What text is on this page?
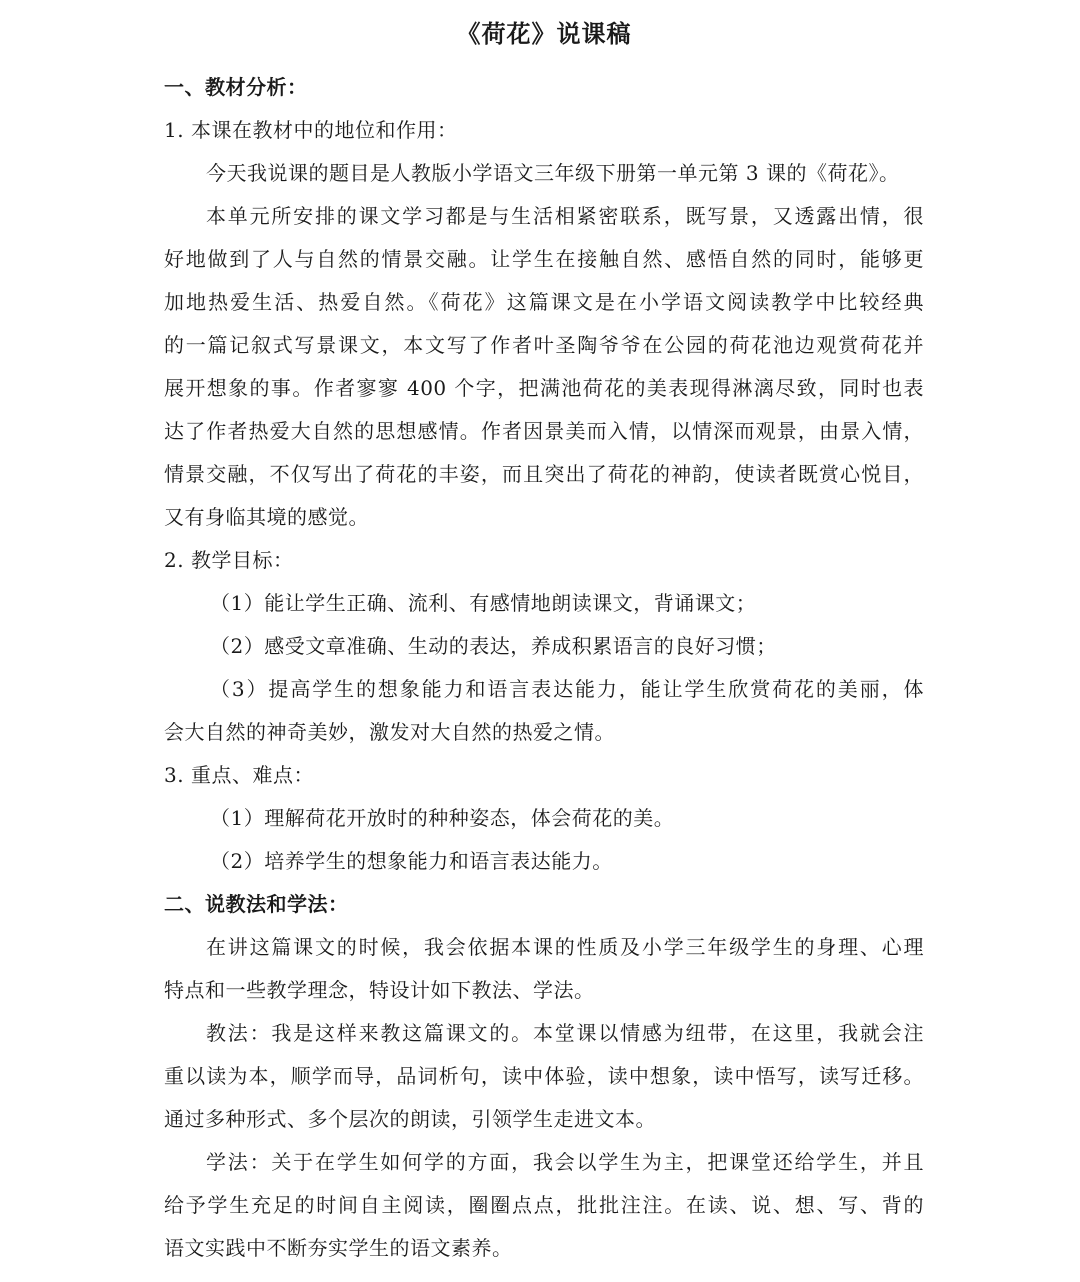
《荷花》说课稿
一、教材分析：
1. 本课在教材中的地位和作用：
今天我说课的题目是人教版小学语文三年级下册第一单元第 3 课的《荷花》。
本单元所安排的课文学习都是与生活相紧密联系，既写景，又透露出情，很
好地做到了人与自然的情景交融。让学生在接触自然、感悟自然的同时，能够更
加地热爱生活、热爱自然。《荷花》这篇课文是在小学语文阅读教学中比较经典
的一篇记叙式写景课文，本文写了作者叶圣陶爷爷在公园的荷花池边观赏荷花并
展开想象的事。作者寥寥 400 个字，把满池荷花的美表现得淋漓尽致，同时也表
达了作者热爱大自然的思想感情。作者因景美而入情，以情深而观景，由景入情，
情景交融，不仅写出了荷花的丰姿，而且突出了荷花的神韵，使读者既赏心悦目，
又有身临其境的感觉。
2. 教学目标：
（1）能让学生正确、流利、有感情地朗读课文，背诵课文；
（2）感受文章准确、生动的表达，养成积累语言的良好习惯；
（3）提高学生的想象能力和语言表达能力，能让学生欣赏荷花的美丽，体
会大自然的神奇美妙，激发对大自然的热爱之情。
3. 重点、难点：
（1）理解荷花开放时的种种姿态，体会荷花的美。
（2）培养学生的想象能力和语言表达能力。
二、说教法和学法：
在讲这篇课文的时候，我会依据本课的性质及小学三年级学生的身理、心理
特点和一些教学理念，特设计如下教法、学法。
教法：我是这样来教这篇课文的。本堂课以情感为纽带，在这里，我就会注
重以读为本，顺学而导，品词析句，读中体验，读中想象，读中悟写，读写迁移。
通过多种形式、多个层次的朗读，引领学生走进文本。
学法：关于在学生如何学的方面，我会以学生为主，把课堂还给学生，并且
给予学生充足的时间自主阅读，圈圈点点，批批注注。在读、说、想、写、背的
语文实践中不断夯实学生的语文素养。
